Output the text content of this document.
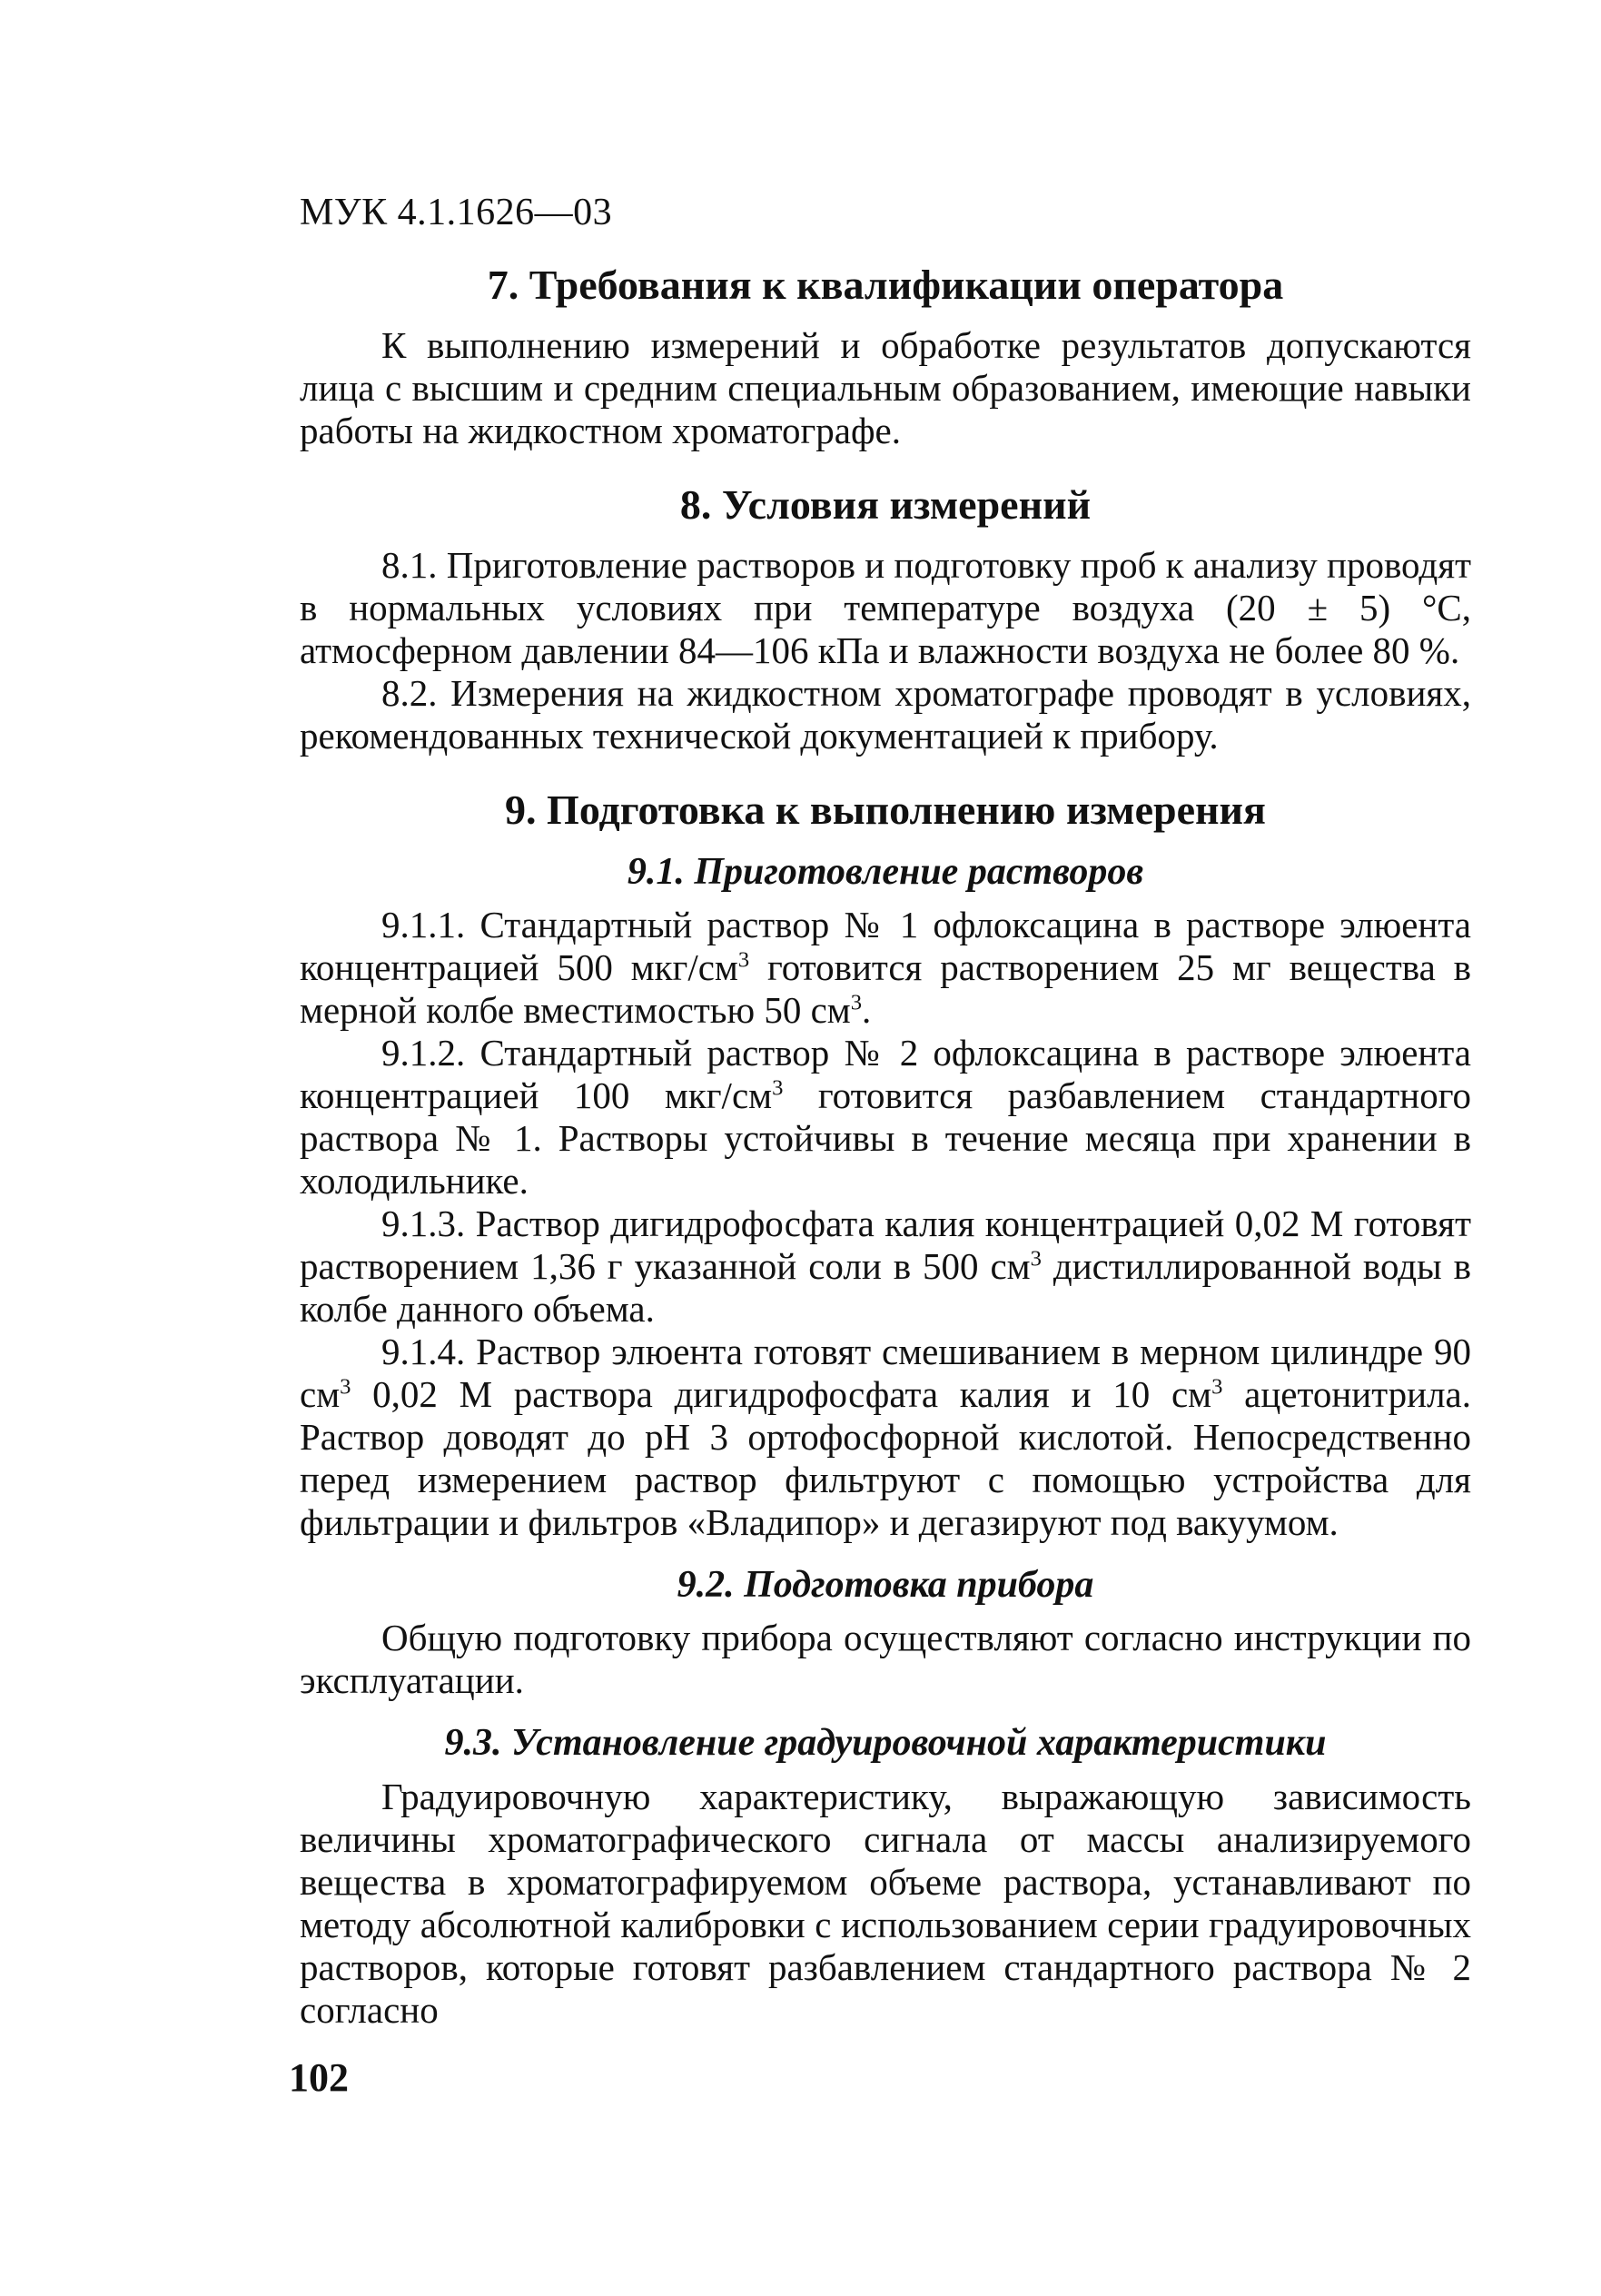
МУК 4.1.1626—03
7. Требования к квалификации оператора

К выполнению измерений и обработке результатов допускаются лица с высшим и средним специальным образованием, имеющие навыки работы на жидкостном хроматографе.

8. Условия измерений

8.1. Приготовление растворов и подготовку проб к анализу проводят в нормальных условиях при температуре воздуха (20 ± 5) °С, атмосферном давлении 84—106 кПа и влажности воздуха не более 80 %.

8.2. Измерения на жидкостном хроматографе проводят в условиях, рекомендованных технической документацией к прибору.

9. Подготовка к выполнению измерения
9.1. Приготовление растворов

9.1.1. Стандартный раствор № 1 офлоксацина в растворе элюента концентрацией 500 мкг/$см^3$ готовится растворением 25 мг вещества в мерной колбе вместимостью 50 $см^3$.

9.1.2. Стандартный раствор № 2 офлоксацина в растворе элюента концентрацией 100 мкг/$см^3$ готовится разбавлением стандартного раствора № 1. Растворы устойчивы в течение месяца при хранении в холодильнике.

9.1.3. Раствор дигидрофосфата калия концентрацией 0,02 М готовят растворением 1,36 г указанной соли в 500 $см^3$ дистиллированной воды в колбе данного объема.

9.1.4. Раствор элюента готовят смешиванием в мерном цилиндре 90 $см^3$ 0,02 М раствора дигидрофосфата калия и 10 $см^3$ ацетонитрила. Раствор доводят до рН 3 ортофосфорной кислотой. Непосредственно перед измерением раствор фильтруют с помощью устройства для фильтрации и фильтров «Владипор» и дегазируют под вакуумом.

9.2. Подготовка прибора

Общую подготовку прибора осуществляют согласно инструкции по эксплуатации.

9.3. Установление градуировочной характеристики

Градуировочную характеристику, выражающую зависимость величины хроматографического сигнала от массы анализируемого вещества в хроматографируемом объеме раствора, устанавливают по методу абсолютной калибровки с использованием серии градуировочных растворов, которые готовят разбавлением стандартного раствора № 2 согласно

102
